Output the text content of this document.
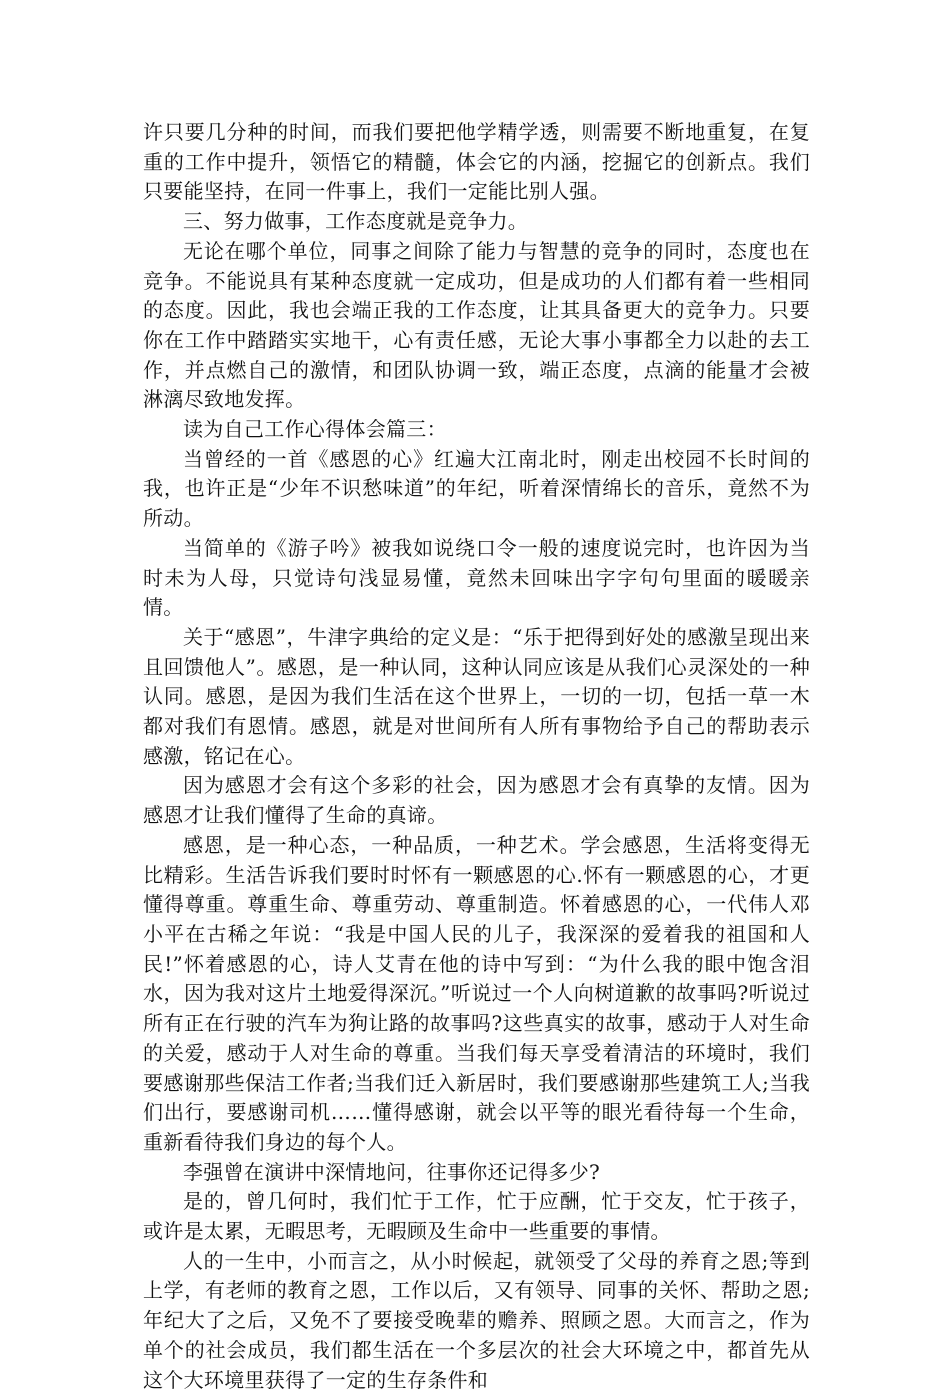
许只要几分种的时间，而我们要把他学精学透，则需要不断地重复，在复重的工作中提升，领悟它的精髓，体会它的内涵，挖掘它的创新点。我们只要能坚持，在同一件事上，我们一定能比别人强。

三、努力做事，工作态度就是竞争力。

无论在哪个单位，同事之间除了能力与智慧的竞争的同时，态度也在竞争。不能说具有某种态度就一定成功，但是成功的人们都有着一些相同的态度。因此，我也会端正我的工作态度，让其具备更大的竞争力。只要你在工作中踏踏实实地干，心有责任感，无论大事小事都全力以赴的去工作，并点燃自己的激情，和团队协调一致，端正态度，点滴的能量才会被淋漓尽致地发挥。

读为自己工作心得体会篇三：

当曾经的一首《感恩的心》红遍大江南北时，刚走出校园不长时间的我，也许正是“少年不识愁味道”的年纪，听着深情绵长的音乐，竟然不为所动。

当简单的《游子吟》被我如说绕口令一般的速度说完时，也许因为当时未为人母，只觉诗句浅显易懂，竟然未回味出字字句句里面的暖暖亲情。

关于“感恩”，牛津字典给的定义是：“乐于把得到好处的感激呈现出来且回馈他人”。感恩，是一种认同，这种认同应该是从我们心灵深处的一种认同。感恩，是因为我们生活在这个世界上，一切的一切，包括一草一木都对我们有恩情。感恩，就是对世间所有人所有事物给予自己的帮助表示感激，铭记在心。

因为感恩才会有这个多彩的社会，因为感恩才会有真挚的友情。因为感恩才让我们懂得了生命的真谛。

感恩，是一种心态，一种品质，一种艺术。学会感恩，生活将变得无比精彩。生活告诉我们要时时怀有一颗感恩的心.怀有一颗感恩的心，才更懂得尊重。尊重生命、尊重劳动、尊重制造。怀着感恩的心，一代伟人邓小平在古稀之年说：“我是中国人民的儿子，我深深的爱着我的祖国和人民!”怀着感恩的心，诗人艾青在他的诗中写到：“为什么我的眼中饱含泪水，因为我对这片土地爱得深沉。”听说过一个人向树道歉的故事吗?听说过所有正在行驶的汽车为狗让路的故事吗?这些真实的故事，感动于人对生命的关爱，感动于人对生命的尊重。当我们每天享受着清洁的环境时，我们要感谢那些保洁工作者;当我们迁入新居时，我们要感谢那些建筑工人;当我们出行，要感谢司机……懂得感谢，就会以平等的眼光看待每一个生命，重新看待我们身边的每个人。

李强曾在演讲中深情地问，往事你还记得多少?

是的，曾几何时，我们忙于工作，忙于应酬，忙于交友，忙于孩子，或许是太累，无暇思考，无暇顾及生命中一些重要的事情。

人的一生中，小而言之，从小时候起，就领受了父母的养育之恩;等到上学，有老师的教育之恩，工作以后，又有领导、同事的关怀、帮助之恩;年纪大了之后，又免不了要接受晚辈的赡养、照顾之恩。大而言之，作为单个的社会成员，我们都生活在一个多层次的社会大环境之中，都首先从这个大环境里获得了一定的生存条件和
